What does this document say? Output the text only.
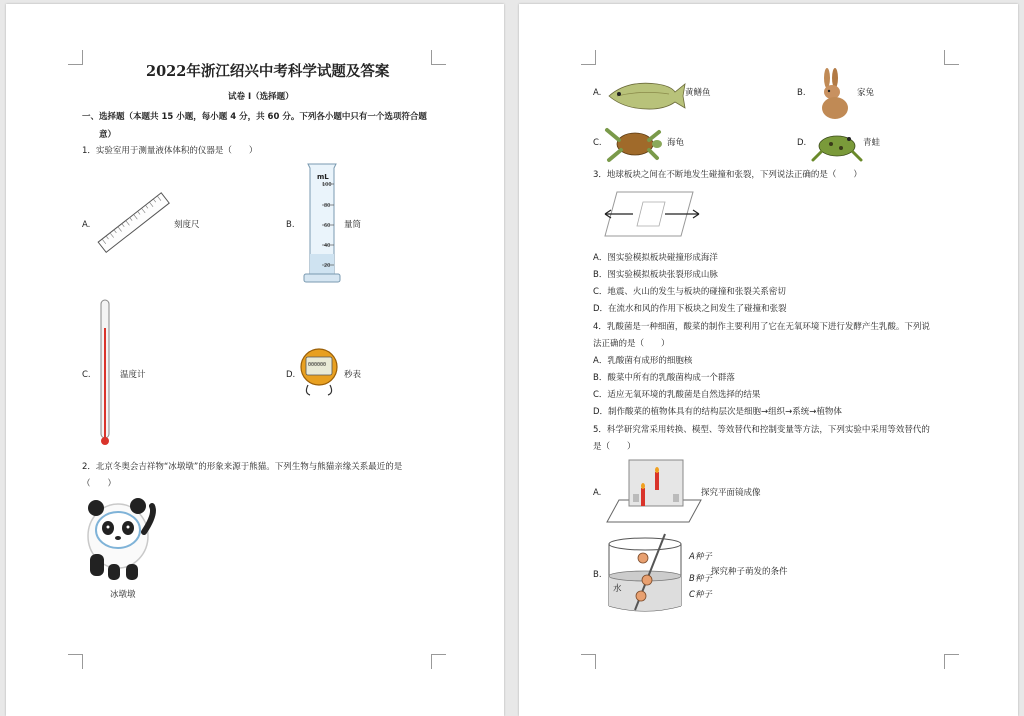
2022年浙江绍兴中考科学试题及答案
试卷 I（选择题）
一、选择题（本题共 15 小题，每小题 4 分，共 60 分。下列各小题中只有一个选项符合题
意）
1．实验室用于测量液体体积的仪器是（　　）
A.	刻度尺	B.
mL
100
80
60
40
20
量筒
C.	温度计	D.
000000
秒表
2．北京冬奥会吉祥物“冰墩墩”的形象来源于熊猫。下列生物与熊猫亲缘关系最近的是
（　　）
冰墩墩
A.	黄鳝鱼	B.	家兔
C.	海龟	D.	青蛙
3．地球板块之间在不断地发生碰撞和张裂，下列说法正确的是（　　）
A．图实验模拟板块碰撞形成海洋
B．图实验模拟板块张裂形成山脉
C．地震、火山的发生与板块的碰撞和张裂关系密切
D．在流水和风的作用下板块之间发生了碰撞和张裂
4．乳酸菌是一种细菌，酸菜的制作主要利用了它在无氧环境下进行发酵产生乳酸。下列说
法正确的是（　　）
A．乳酸菌有成形的细胞核
B．酸菜中所有的乳酸菌构成一个群落
C．适应无氧环境的乳酸菌是自然选择的结果
D．制作酸菜的植物体具有的结构层次是细胞→组织→系统→植物体
5．科学研究常采用转换、模型、等效替代和控制变量等方法，下列实验中采用等效替代的
是（　　）
A.	探究平面镜成像
B.
A种子
B种子
C种子
水
探究种子萌发的条件
